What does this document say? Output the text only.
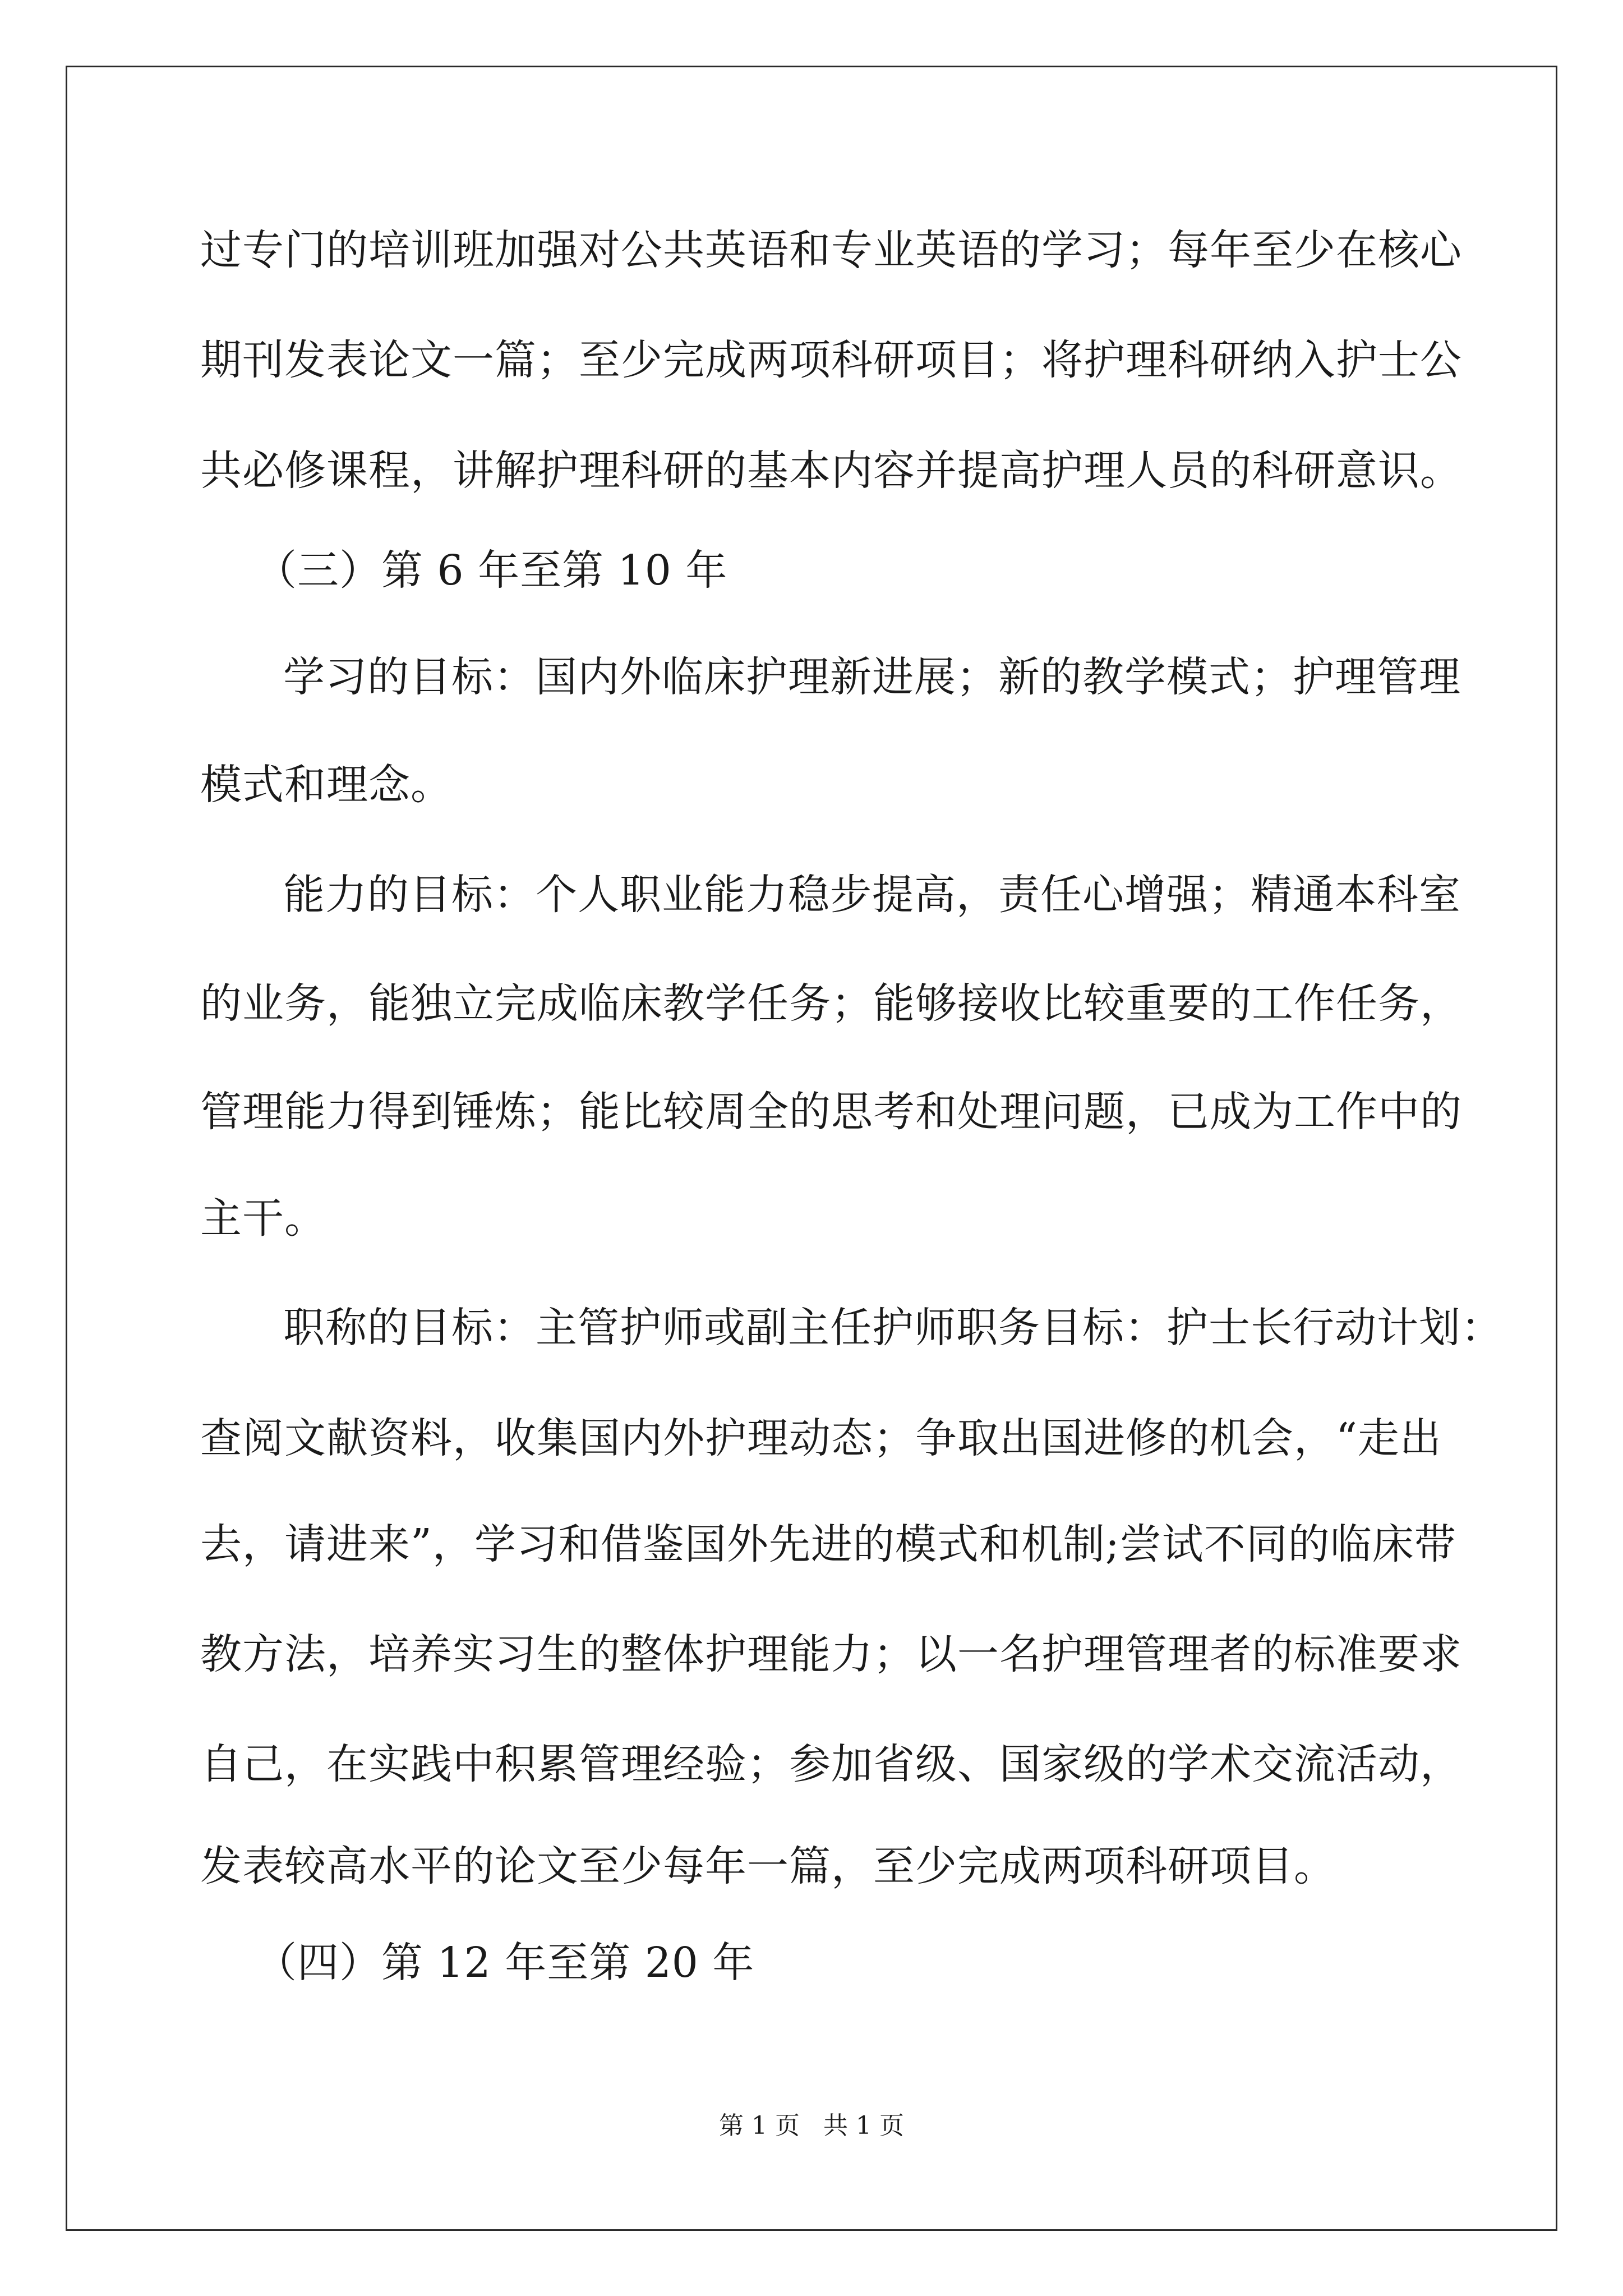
过专门的培训班加强对公共英语和专业英语的学习；每年至少在核心
期刊发表论文一篇；至少完成两项科研项目；将护理科研纳入护士公
共必修课程，讲解护理科研的基本内容并提高护理人员的科研意识。
（三）第 6 年至第 10 年
学习的目标：国内外临床护理新进展；新的教学模式；护理管理
模式和理念。
能力的目标：个人职业能力稳步提高，责任心增强；精通本科室
的业务，能独立完成临床教学任务；能够接收比较重要的工作任务，
管理能力得到锤炼；能比较周全的思考和处理问题，已成为工作中的
主干。
职称的目标：主管护师或副主任护师职务目标：护士长行动计划：
查阅文献资料，收集国内外护理动态；争取出国进修的机会，“走出
去，请进来”，学习和借鉴国外先进的模式和机制;尝试不同的临床带
教方法，培养实习生的整体护理能力；以一名护理管理者的标准要求
自己，在实践中积累管理经验；参加省级、国家级的学术交流活动，
发表较高水平的论文至少每年一篇，至少完成两项科研项目。
（四）第 12 年至第 20 年
第 1 页   共 1 页
